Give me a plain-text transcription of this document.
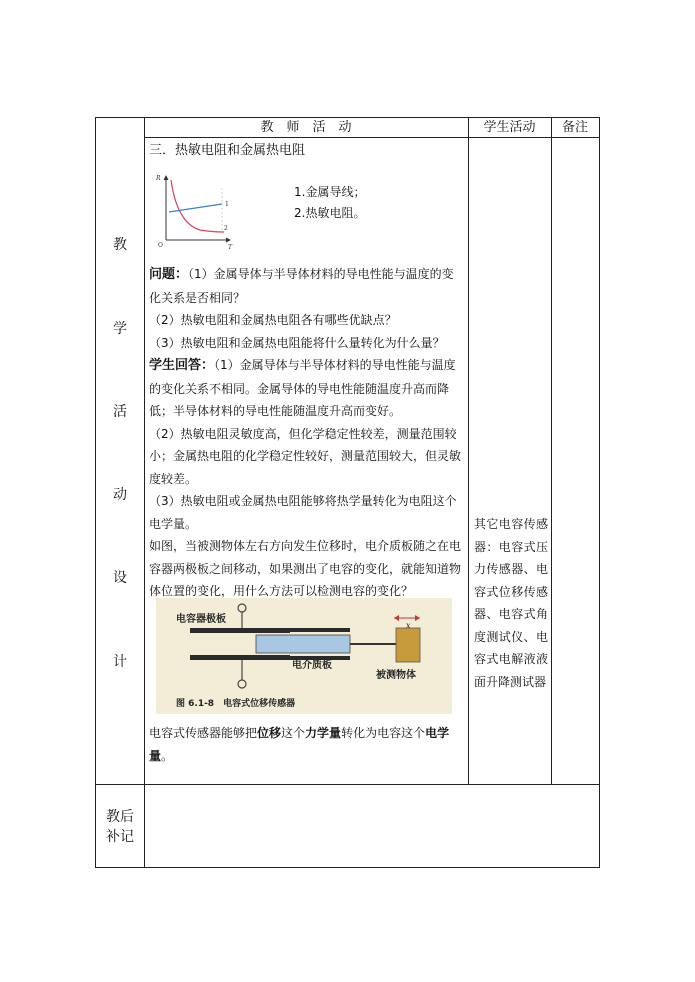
教　师　活　动	学生活动	备注
教
学
活
动
设
计
教后
补记
三．热敏电阻和金属热电阻
R
T
O
1
2
1.金属导线；
2.热敏电阻。

问题：（1）金属导体与半导体材料的导电性能与温度的变化关系是否相同？

（2）热敏电阻和金属热电阻各有哪些优缺点？

（3）热敏电阻和金属热电阻能将什么量转化为什么量？

学生回答：（1）金属导体与半导体材料的导电性能与温度的变化关系不相同。金属导体的导电性能随温度升高而降低；半导体材料的导电性能随温度升高而变好。

（2）热敏电阻灵敏度高，但化学稳定性较差，测量范围较小；金属热电阻的化学稳定性较好，测量范围较大，但灵敏度较差。

（3）热敏电阻或金属热电阻能够将热学量转化为电阻这个电学量。

如图，当被测物体左右方向发生位移时，电介质板随之在电容器两极板之间移动，如果测出了电容的变化，就能知道物体位置的变化，用什么方法可以检测电容的变化？

x
电容器极板
电介质板
被测物体
图 6.1-8　电容式位移传感器

电容式传感器能够把位移这个力学量转化为电容这个电学量。

其它电容传感器：电容式压力传感器、电容式位移传感器、电容式角度测试仪、电容式电解液液面升降测试器
